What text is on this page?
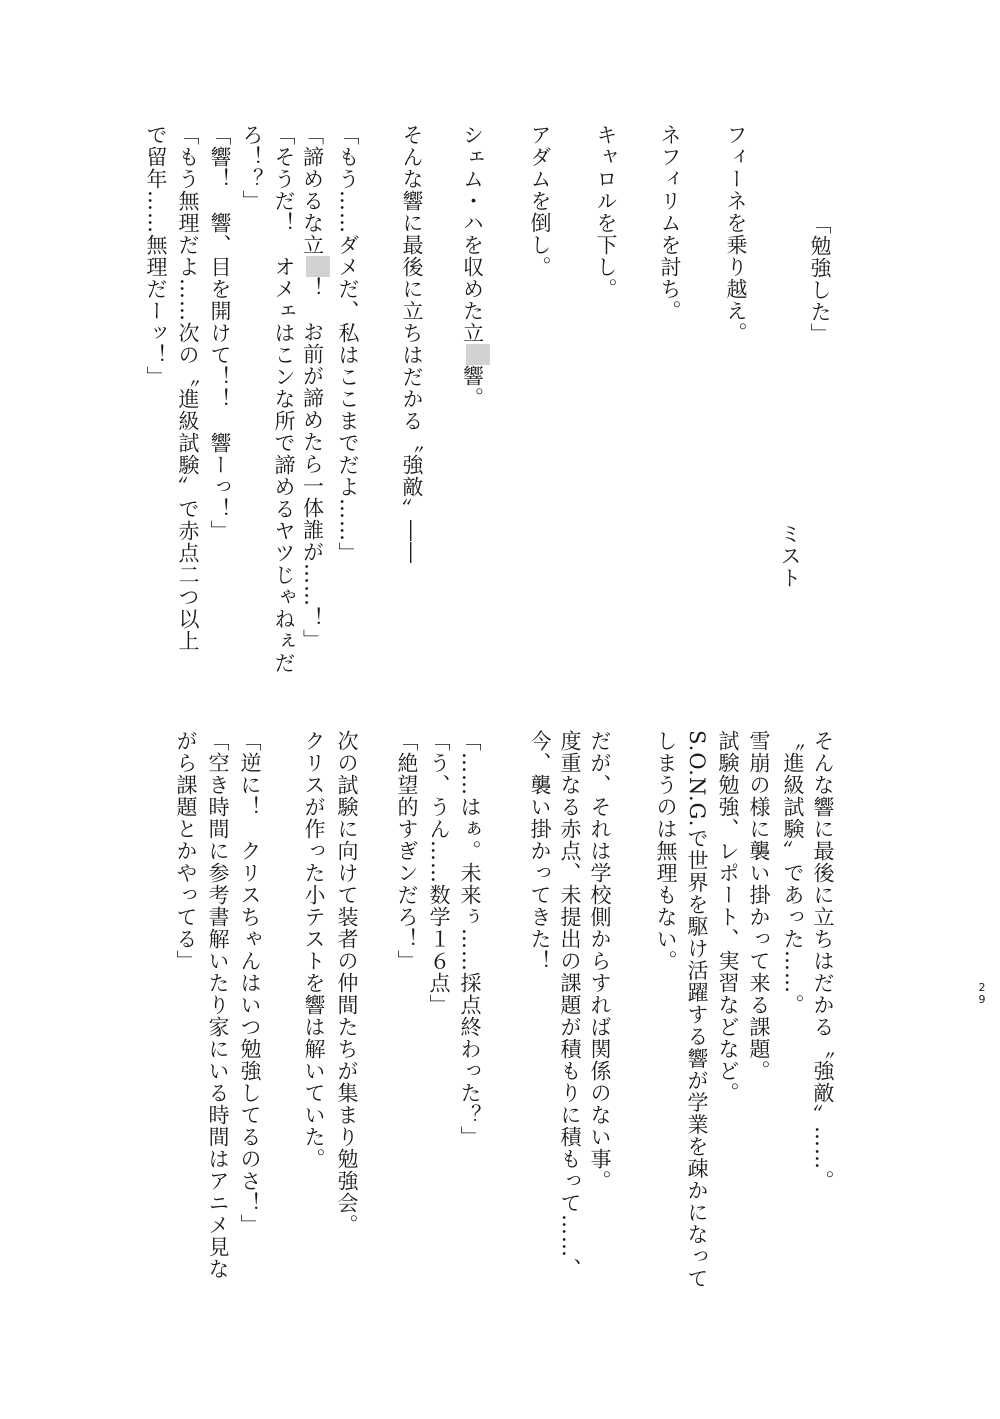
「勉強した」
ミスト
フィーネを乗り越え。
ネフィリムを討ち。
キャロルを下し。
アダムを倒し。
シェム・ハを収めた立響。
そんな響に最後に立ちはだかる〝強敵〟――
「もう……ダメだ、私はここまでだよ……」
「諦めるな立！　お前が諦めたら一体誰が……！」
「そうだ！　オメェはこンな所で諦めるヤツじゃねぇだ
ろ！？」
「響！　響、目を開けて！！　響ーっ！」
「もう無理だよ……次の〝進級試験〟で赤点二つ以上
で留年……無理だーッ！」
そんな響に最後に立ちはだかる〝強敵〟……。
〝進級試験〟であった……。
雪崩の様に襲い掛かって来る課題。
試験勉強、レポート、実習などなど。
S.O.N.G.で世界を駆け活躍する響が学業を疎かになって
しまうのは無理もない。
だが、それは学校側からすれば関係のない事。
度重なる赤点、未提出の課題が積もりに積もって……、
今、襲い掛かってきた！
「……はぁ。未来ぅ……採点終わった？」
「う、うん……数学１６点」
「絶望的すぎンだろ！」
次の試験に向けて装者の仲間たちが集まり勉強会。
クリスが作った小テストを響は解いていた。
「逆に！　クリスちゃんはいつ勉強してるのさ！」
「空き時間に参考書解いたり家にいる時間はアニメ見な
がら課題とかやってる」
2
9
